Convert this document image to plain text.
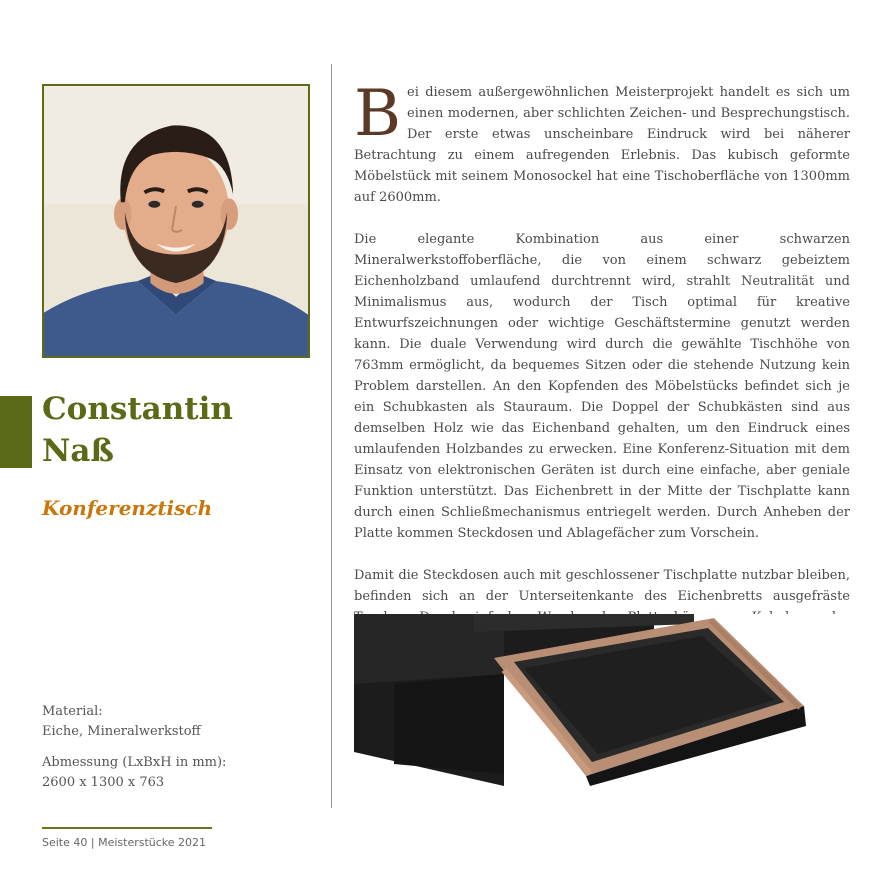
Constantin
Naß
Konferenztisch
Material:
Eiche, Mineralwerkstoff
Abmessung (LxBxH in mm):
2600 x 1300 x 763

B ei diesem außergewöhnlichen Meisterprojekt handelt es sich um einen modernen, aber schlichten Zeichen- und Besprechungstisch. Der erste etwas unscheinbare Eindruck wird bei näherer Betrachtung zu einem aufregenden Erlebnis. Das kubisch geformte Möbelstück mit seinem Monosockel hat eine Tischoberfläche von 1300mm auf 2600mm.

Die elegante Kombination aus einer schwarzen Mineralwerkstoffoberfläche, die von einem schwarz gebeiztem Eichenholzband umlaufend durchtrennt wird, strahlt Neutralität und Minimalismus aus, wodurch der Tisch optimal für kreative Entwurfszeichnungen oder wichtige Geschäftstermine genutzt werden kann. Die duale Verwendung wird durch die gewählte Tischhöhe von 763mm ermöglicht, da bequemes Sitzen oder die stehende Nutzung kein Problem darstellen. An den Kopfenden des Möbelstücks befindet sich je ein Schubkasten als Stauraum. Die Doppel der Schubkästen sind aus demselben Holz wie das Eichenband gehalten, um den Eindruck eines umlaufenden Holzbandes zu erwecken. Eine Konferenz-Situation mit dem Einsatz von elektronischen Geräten ist durch eine einfache, aber geniale Funktion unterstützt. Das Eichenbrett in der Mitte der Tischplatte kann durch einen Schließmechanismus entriegelt werden. Durch Anheben der Platte kommen Steckdosen und Ablagefächer zum Vorschein.

Damit die Steckdosen auch mit geschlossener Tischplatte nutzbar bleiben, befinden sich an der Unterseitenkante des Eichenbretts ausgefräste

Seite 40 | Meisterstücke 2021
